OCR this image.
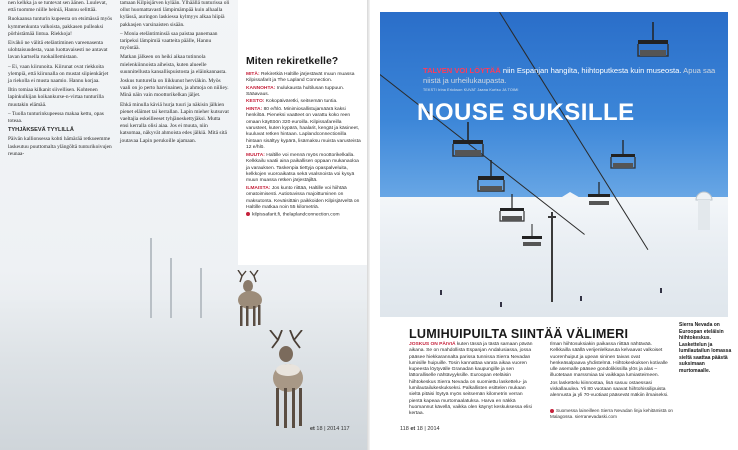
nen kelkka ja se tuntevat sen äänen. Luulevat, että tuomme niille heiniä, Hannu selittää.

Ruokaansa tunturin kupeesta on etsimässä myös kymmenkunta valkoista, pakkasen pulleaksi pörhistämää lintua. Riekkoja!

Eiväkö ne välitä eteläntiminen vareenasenta ulohtaisuudesta, vaan luottavaisesti ne antavat lavan kartsella ruokaillemistaan.

– Ei, vaan kiirunoita. Kiirunat ovat riekkoita ylempiä, että kiirunalla on mustat siipienkärjet ja riekolla ei musta naamio. Hannu korjaa.

Iltin tomiaa kilkanit siivellisen. Kohtenen lapinkulkijan koikankurse-n-virtaa tunturilla muutakin elämää.

– Tuolla tunturinkupeessa makaa kettu, opas toteaa.

TYHJÄKSEVÄ TYYLILLÄ

Päivän kallionsessa kohti hämärää retkueemme laskeutuu puuttomalta ylängöltä tunturikoivujen reunaa-

tamaan Kilpisjärven kylään. Ylhäällä tunturissa oli ollut huomattavasti lämpimämpää kuin alhaalla kylässä, auringon laskiessa kylmyys alkaa hiipiä pakkasjen varsinaisten sisään.

– Monia eteläntiminsiä saa paistaa panemaan taripeksi lämpimiä vaatteita päälle, Hannu myöntää.

Matkan jälkeen on heiki aikaa tutinnola mielenkiinnoista aiheista, kuten alueelle suunnitellusta kansallispuistosta ja eläinkannasta.

Joskus tunturella on liikkunut herviäkin. Myös vaali on jo perto harvinainen, ja ahmoja on niiliey. Minä näin vain moottorikelkan jäljet.

Ehkä minulla käviä hurja tuuri ja näkisin jälkien pienet eläimet tai kerrallan. Lapin mieher kutsuvat vaeltajia eskeilleeset tyhjäneskettyjäksi. Mutta ensi kerralla olisi aiaa. Jos ei muuta, niin katsomaa, näkyvät ahmoista edes jälkiä. Mitä sitä joutavaa Lapin perukoille ajamaan.

Miten rekiretkelle?

MITÄ: Rekiretkiä Haltille järjestävät muun muassa Kilpissafarit ja The Lapland Connection.

KANNOHTA: Inulukausta hultilusan tuppuun. Sääavaus.

KESTO: Kokopäiväretki, seitsemän tuntia.

HINTA: 80 e/hlö. Minimiosallistujamäärä kaksi henkilöä. Pieneksi vaatteet on varattu koko reen omaan käyttöön 320 euroilla. Kilpissafareilla varusteet, kuten kypärä, haalarit, kengät ja käsineet, kuuluvat retken hintaan. Laplandconnectionilla hintaan sisältyy kypärä, lisämaksu muista varusteista 12 e/hlö.

MUUTA: Haltille voi mennä myös moottorikelkalla. Kelkkailu vaatii aina paikallisen oppaan mukanaoloa ja varauksen. Taskenpia tiettyja opaspalveluita, kelkkojen vuoroaikatsa sekä vsalsnoista voi kysyä muun muassa retken järjestäjiltä.

ILMAISTA: Jos kunto riittää, Haltille voi hiihtää omatoimisesti. Autiotuvissa majoittuminen on maksutonta. Keväisittäin paikkoiden Kilpisjärveltä on Haltille matkaa noin 55 kilometriä.

kilpissafarit.fi, thelaplandconnection.com

et 18 | 2014 117
TALVEN VOI LÖYTÄÄ niin Espanjan hangilta, hiihtoputkesta kuin museosta. Apua saa niistä ja urheilukaupasta.
TEKSTI Irina Erickson KUVAT Jaana Kurtsu JA TOIMI
NOUSE SUKSILLE
LUMIHUIPUILTA SIINTÄÄ VÄLIMERI

JOSKUS ON PÄIVIÄ kuten tässä ja tästä samaan pävän aikana. Se on mahdollista Espanjan Andalusiassa, jossa pääsee hiekkarannalta parissa tunnissa Sierra Nevadan lumisille huipuille. Tosin kannattaa varata aikaa vuoren kupeesta löytyvälle Granadan kaupungille ja sen lättoralliselle nähtävyyksille. Euroopan eteläisin hiihtokeskus Sierra Nevada on suomiettu laskettelu- ja lumilautailukeskukseksi. Palkallisten esittelen mukaan sieltä pitäisi löytyä myös seitsemän kilometrin verran pientä kapeaa murtomaalatuksa. Harva en näkkä huomannut kävellä, vaikka olen käynyt keskuksessa elisi kertaa.

Ilman hiihtosuksiakin paikassa riittää nähtävää. Kelkkailla säällä verijenlelkavuta kelvaavat valkoiset vuorenhuiput ja upean sininen taivas ovat henkeäsalpaava yhdistelmä. Hiihtokeskuksen kotivalle ulle asemalle pääsee gondolikissilla ylös ja alas – illuotetaan marssmiaa tai vaikkapa lumiasteimeen.

Jos laskettelu kiinnostaa, lisä sasuu ostaessasi viskallauulea. Yli 80 vuotaan saavat hiihtohissilipuista alennusta ja yli 70-vuotiaat pääsevät mäkiin ilmaiseksi.

Suomessa laineilleen Sierra Nevadan linja kehitämistä on Malagossa. sierranevadaski.com
Sierra Nevada on Euroopan eteläisin hiihtokeskus. Laskettelun ja lumilautailun lomassa sieltä saattaa päästä suksimaan murtomaalle.
118 et 18 | 2014
